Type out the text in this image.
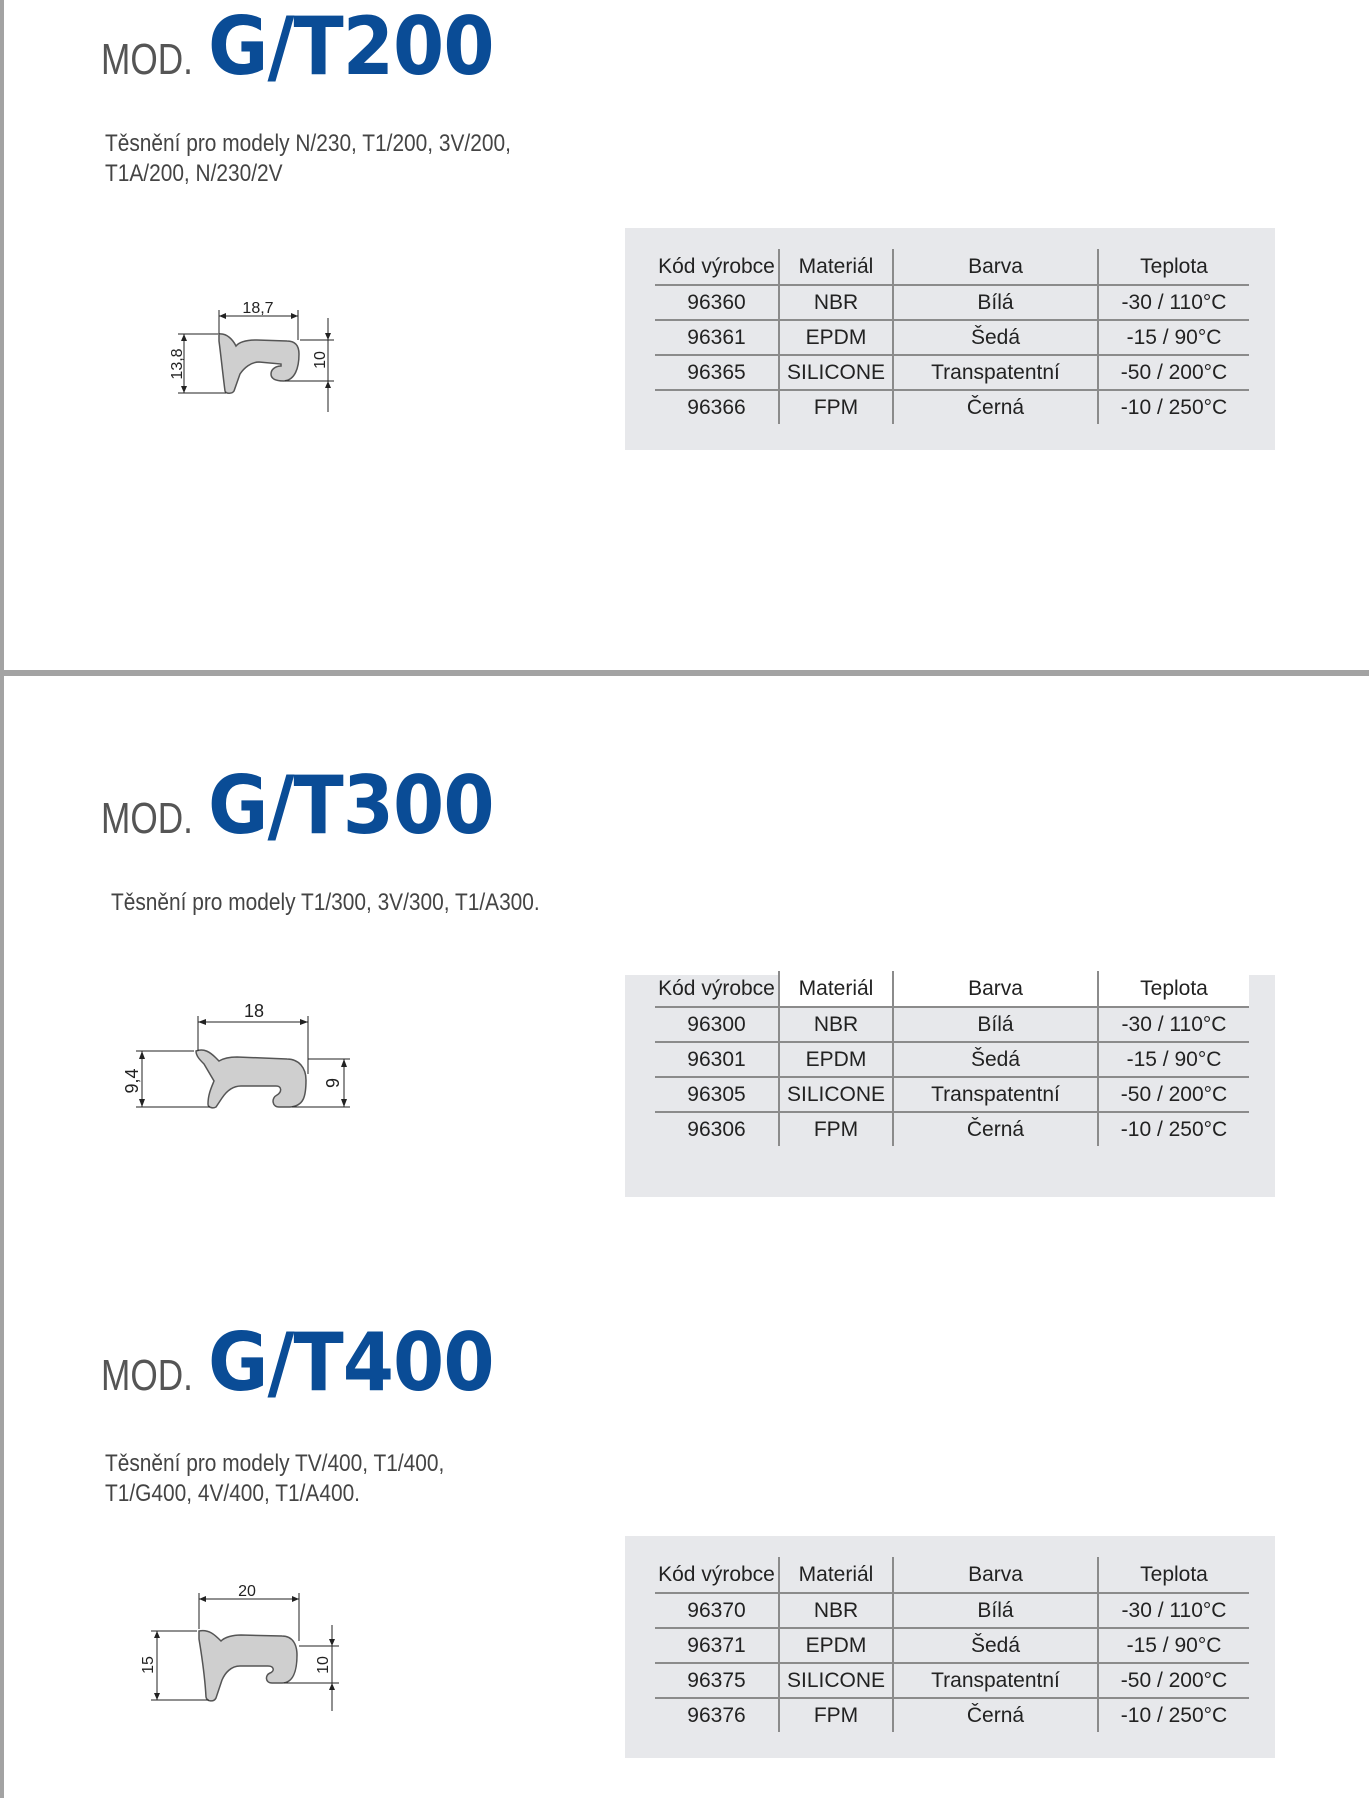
MOD. G/T200
Těsnění pro modely N/230, T1/200, 3V/200,
T1A/200, N/230/2V
18,7
13,8	10
Kód výrobce	Materiál	Barva	Teplota
96360	NBR	Bílá	-30 / 110°C
96361	EPDM	Šedá	-15 / 90°C
96365	SILICONE	Transpatentní	-50 / 200°C
96366	FPM	Černá	-10 / 250°C
MOD. G/T300
Těsnění pro modely T1/300, 3V/300, T1/A300.
18
9,4	9
Kód výrobce	Materiál	Barva	Teplota
96300	NBR	Bílá	-30 / 110°C
96301	EPDM	Šedá	-15 / 90°C
96305	SILICONE	Transpatentní	-50 / 200°C
96306	FPM	Černá	-10 / 250°C
MOD. G/T400
Těsnění pro modely TV/400, T1/400,
T1/G400, 4V/400, T1/A400.
20
15	10
Kód výrobce	Materiál	Barva	Teplota
96370	NBR	Bílá	-30 / 110°C
96371	EPDM	Šedá	-15 / 90°C
96375	SILICONE	Transpatentní	-50 / 200°C
96376	FPM	Černá	-10 / 250°C
